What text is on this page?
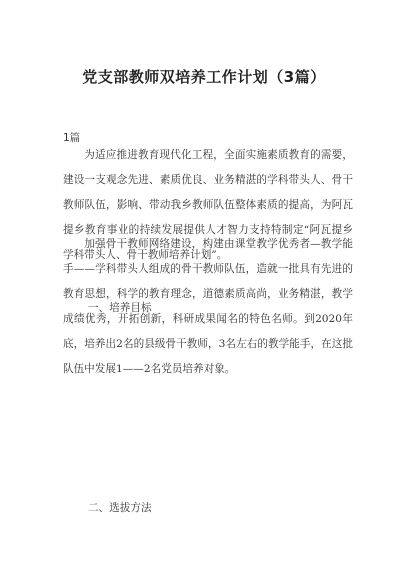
党支部教师双培养工作计划（3篇）
1篇
为适应推进教育现代化工程，全面实施素质教育的需要，建设一支观念先进、素质优良、业务精湛的学科带头人、骨干教师队伍，影响、带动我乡教师队伍整体素质的提高，为阿瓦提乡教育事业的持续发展提供人才智力支持特制定“阿瓦提乡学科带头人、骨干教师培养计划”。
一、培养目标
加强骨干教师网络建设，构建由课堂教学优秀者—教学能手——学科带头人组成的骨干教师队伍，造就一批具有先进的教育思想，科学的教育理念，道德素质高尚，业务精湛，教学成绩优秀，开拓创新，科研成果闻名的特色名师。到2020年底，培养出2名的县级骨干教师，3名左右的教学能手，在这批队伍中发展1——2名党员培养对象。
二、选拔方法
